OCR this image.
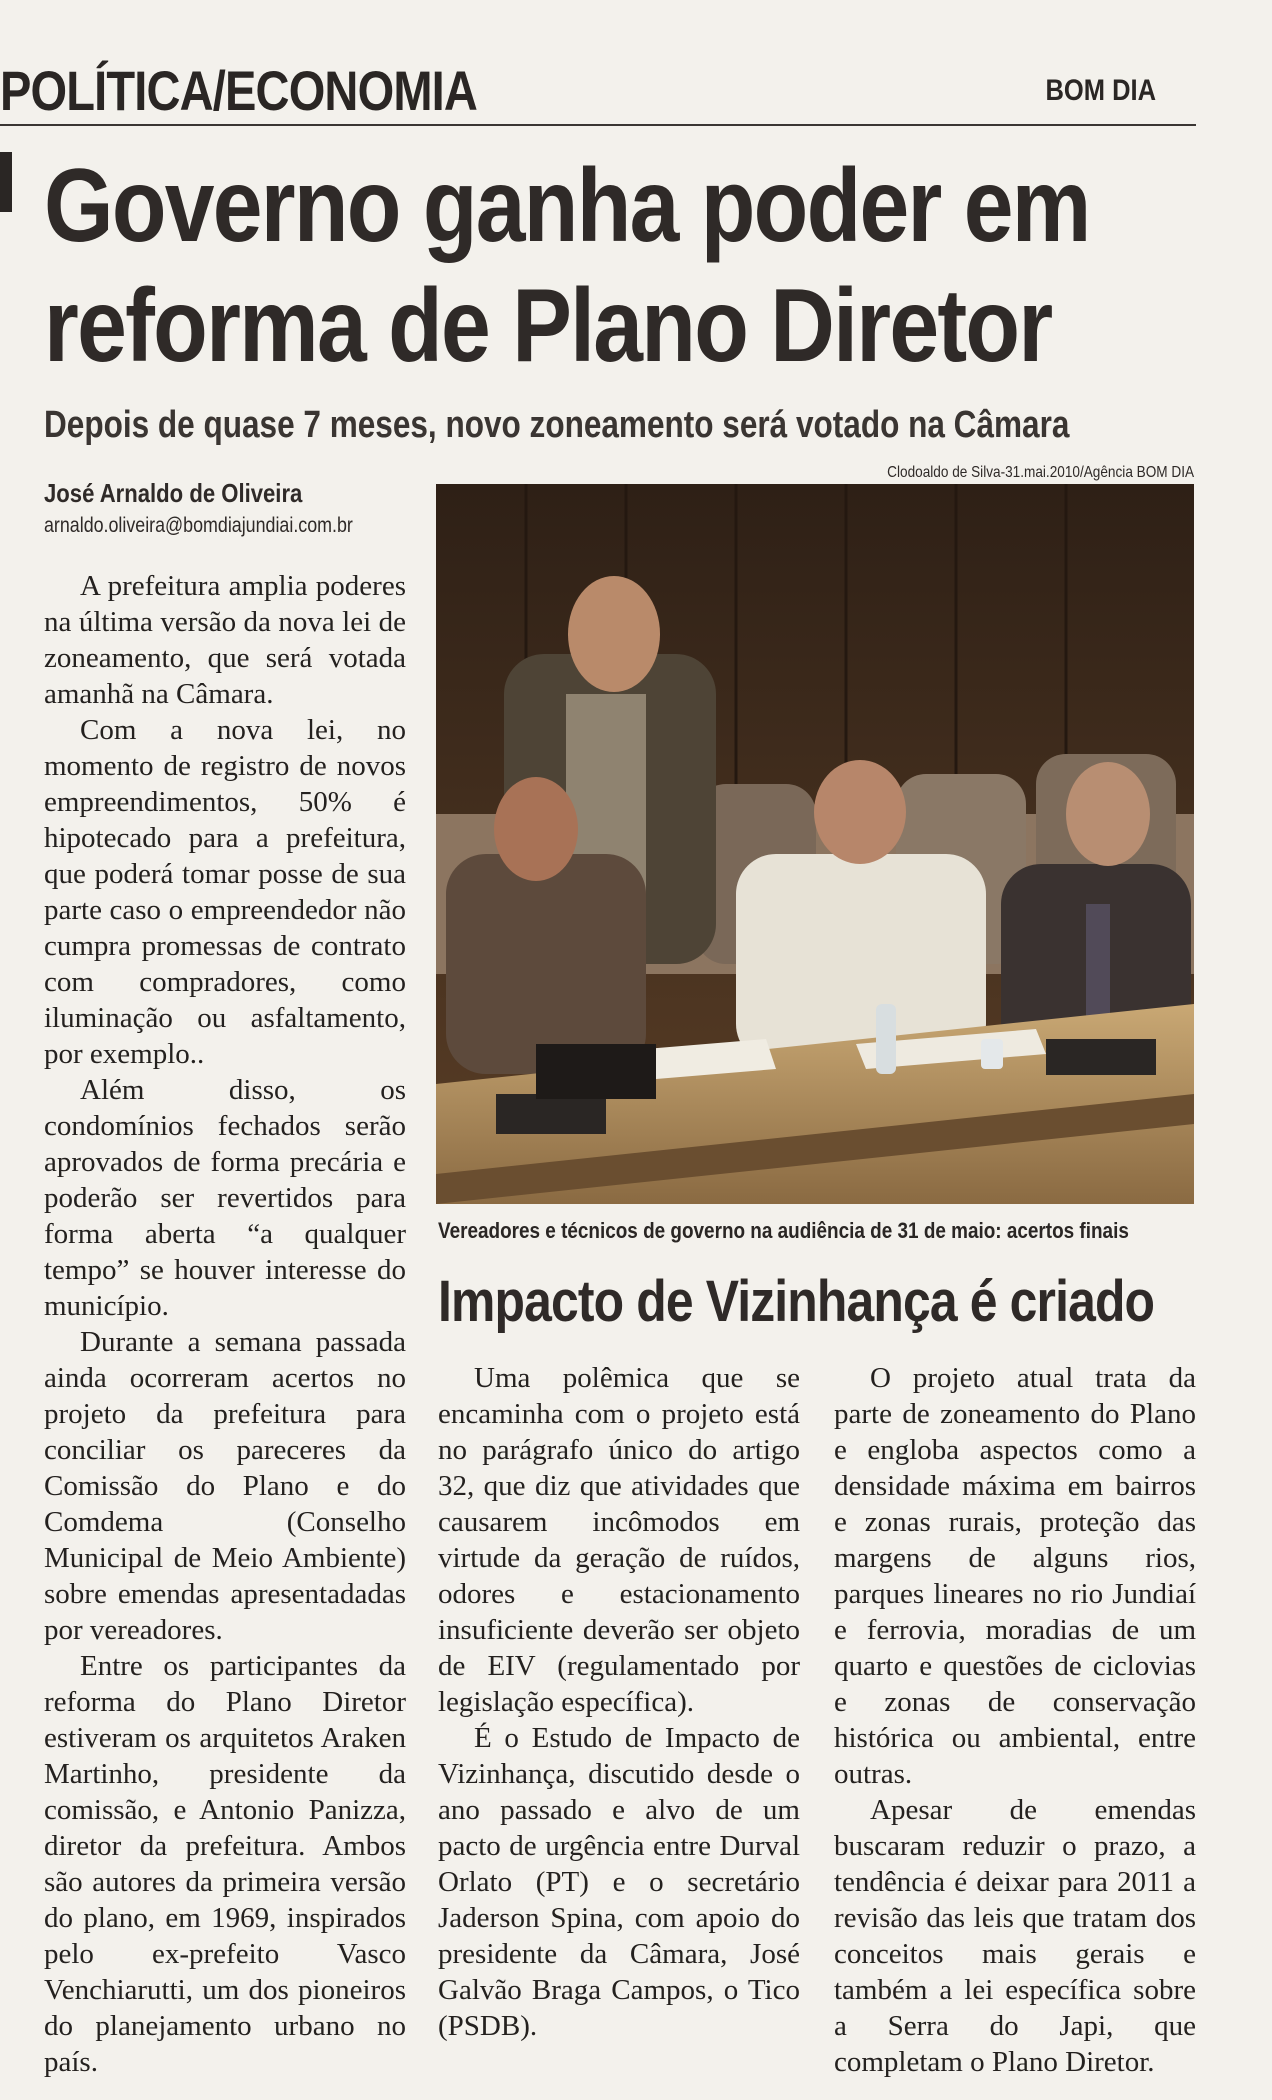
POLÍTICA/ECONOMIA	BOM DIA
Governo ganha poder em
reforma de Plano Diretor
Depois de quase 7 meses, novo zoneamento será votado na Câmara
José Arnaldo de Oliveira
arnaldo.oliveira@bomdiajundiai.com.br
Clodoaldo de Silva-31.mai.2010/Agência BOM DIA

A prefeitura amplia poderes na última versão da nova lei de zoneamento, que será votada amanhã na Câmara.

Com a nova lei, no momento de registro de novos empreendimentos, 50% é hipotecado para a prefeitura, que poderá tomar posse de sua parte caso o empreendedor não cumpra promessas de contrato com compradores, como iluminação ou asfaltamento, por exemplo..

Além disso, os condomínios fechados serão aprovados de forma precária e poderão ser revertidos para forma aberta “a qualquer tempo” se houver interesse do município.

Durante a semana passada ainda ocorreram acertos no projeto da prefeitura para conciliar os pareceres da Comissão do Plano e do Comdema (Conselho Municipal de Meio Ambiente) sobre emendas apresentadadas por vereadores.

Entre os participantes da reforma do Plano Diretor estiveram os arquitetos Araken Martinho, presidente da comissão, e Antonio Panizza, diretor da prefeitura. Ambos são autores da primeira versão do plano, em 1969, inspirados pelo ex-prefeito Vasco Venchiarutti, um dos pioneiros do planejamento urbano no país.

Vereadores e técnicos de governo na audiência de 31 de maio: acertos finais
Impacto de Vizinhança é criado

Uma polêmica que se encaminha com o projeto está no parágrafo único do artigo 32, que diz que atividades que causarem incômodos em virtude da geração de ruídos, odores e estacionamento insuficiente deverão ser objeto de EIV (regulamentado por legislação específica).

É o Estudo de Impacto de Vizinhança, discutido desde o ano passado e alvo de um pacto de urgência entre Durval Orlato (PT) e o secretário Jaderson Spina, com apoio do presidente da Câmara, José Galvão Braga Campos, o Tico (PSDB).

O projeto atual trata da parte de zoneamento do Plano e engloba aspectos como a densidade máxima em bairros e zonas rurais, proteção das margens de alguns rios, parques lineares no rio Jundiaí e ferrovia, moradias de um quarto e questões de ciclovias e zonas de conservação histórica ou ambiental, entre outras.

Apesar de emendas buscaram reduzir o prazo, a tendência é deixar para 2011 a revisão das leis que tratam dos conceitos mais gerais e também a lei específica sobre a Serra do Japi, que completam o Plano Diretor.
